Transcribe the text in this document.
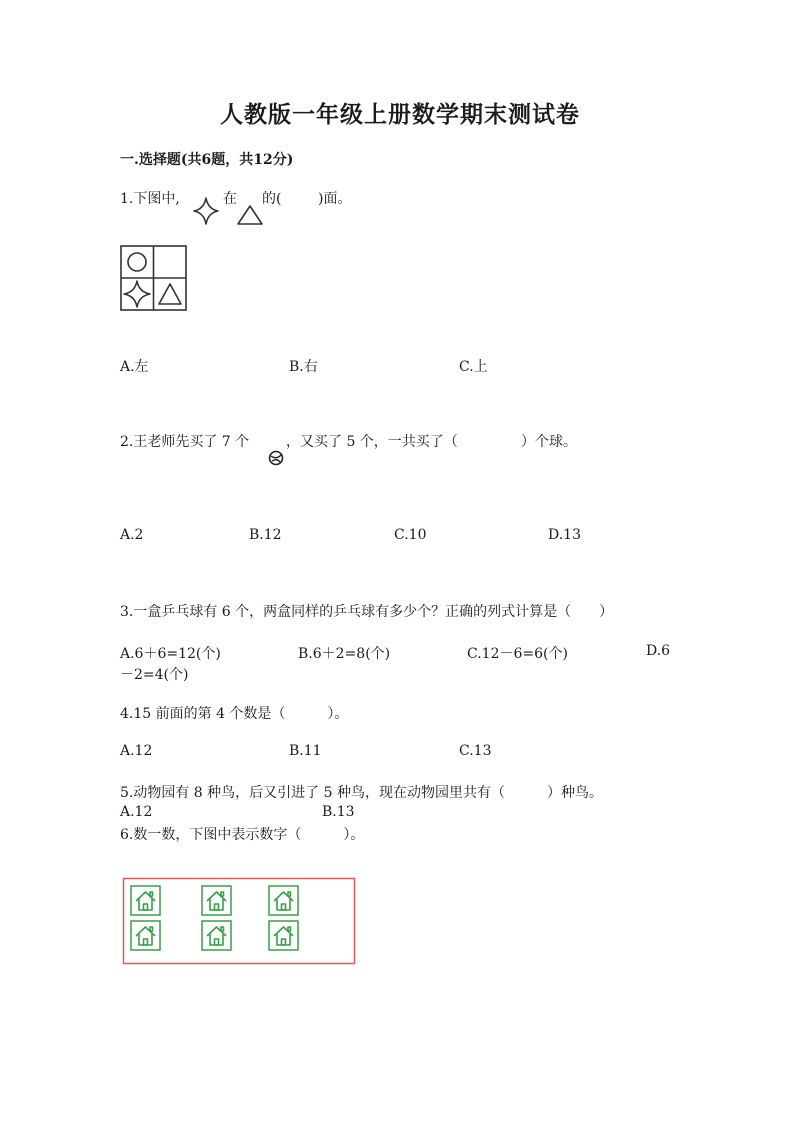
人教版一年级上册数学期末测试卷
一.选择题(共6题，共12分)
1.下图中,	在 的(	)面。
A.左	B.右	C.上
2.王老师先买了 7 个	，又买了 5 个，一共买了（	）个球。
A.2	B.12	C.10	D.13
3.一盒乒乓球有 6 个，两盒同样的乒乓球有多少个？正确的列式计算是（　　）
A.6＋6=12(个)	B.6＋2=8(个)	C.12－6=6(个)	D.6
－2=4(个)
4.15 前面的第 4 个数是（　　　）。
A.12	B.11	C.13
5.动物园有 8 种鸟，后又引进了 5 种鸟，现在动物园里共有（　　　）种鸟。
A.12	B.13
6.数一数，下图中表示数字（　　　）。
